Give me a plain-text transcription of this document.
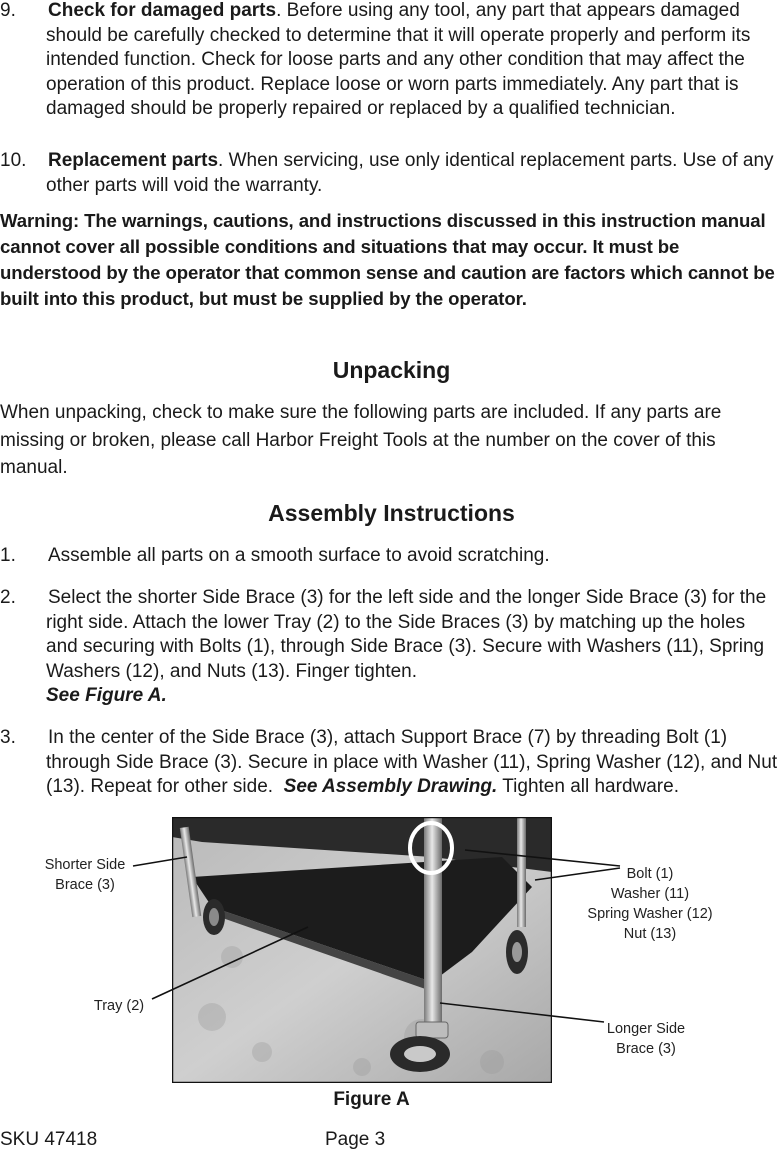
9. Check for damaged parts. Before using any tool, any part that appears damaged should be carefully checked to determine that it will operate properly and perform its intended function. Check for loose parts and any other condition that may affect the operation of this product. Replace loose or worn parts immediately. Any part that is damaged should be properly repaired or replaced by a qualified technician.
10. Replacement parts. When servicing, use only identical replacement parts. Use of any other parts will void the warranty.

Warning: The warnings, cautions, and instructions discussed in this instruction manual cannot cover all possible conditions and situations that may occur. It must be understood by the operator that common sense and caution are factors which cannot be built into this product, but must be supplied by the operator.

Unpacking

When unpacking, check to make sure the following parts are included. If any parts are missing or broken, please call Harbor Freight Tools at the number on the cover of this manual.

Assembly Instructions
1. Assemble all parts on a smooth surface to avoid scratching.
2. Select the shorter Side Brace (3) for the left side and the longer Side Brace (3) for the right side. Attach the lower Tray (2) to the Side Braces (3) by matching up the holes and securing with Bolts (1), through Side Brace (3). Secure with Washers (11), Spring Washers (12), and Nuts (13). Finger tighten.
See Figure A.
3. In the center of the Side Brace (3), attach Support Brace (7) by threading Bolt (1) through Side Brace (3). Secure in place with Washer (11), Spring Washer (12), and Nut (13). Repeat for other side. See Assembly Drawing. Tighten all hardware.
Shorter Side
Brace (3)
Tray (2)
Bolt (1)
Washer (11)
Spring Washer (12)
Nut (13)
Longer Side
Brace (3)
Figure A
SKU 47418	Page 3
